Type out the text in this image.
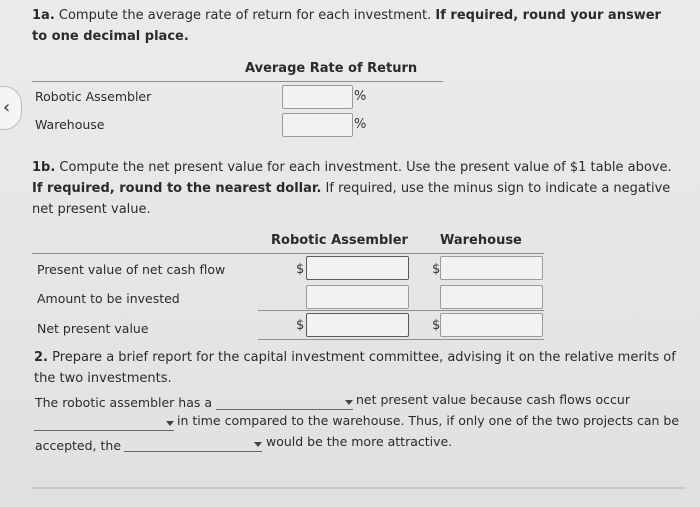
‹
1a. Compute the average rate of return for each investment. If required, round your answer to one decimal place.
Average Rate of Return
Robotic Assembler	%
Warehouse	%
1b. Compute the net present value for each investment. Use the present value of $1 table above. If required, round to the nearest dollar. If required, use the minus sign to indicate a negative net present value.
Robotic Assembler Warehouse
Present value of net cash flow	$	$
Amount to be invested
Net present value	$	$
2. Prepare a brief report for the capital investment committee, advising it on the relative merits of the two investments.
The robotic assembler has a	net present value because cash flows occur
in time compared to the warehouse. Thus, if only one of the two projects can be
accepted, the	would be the more attractive.
